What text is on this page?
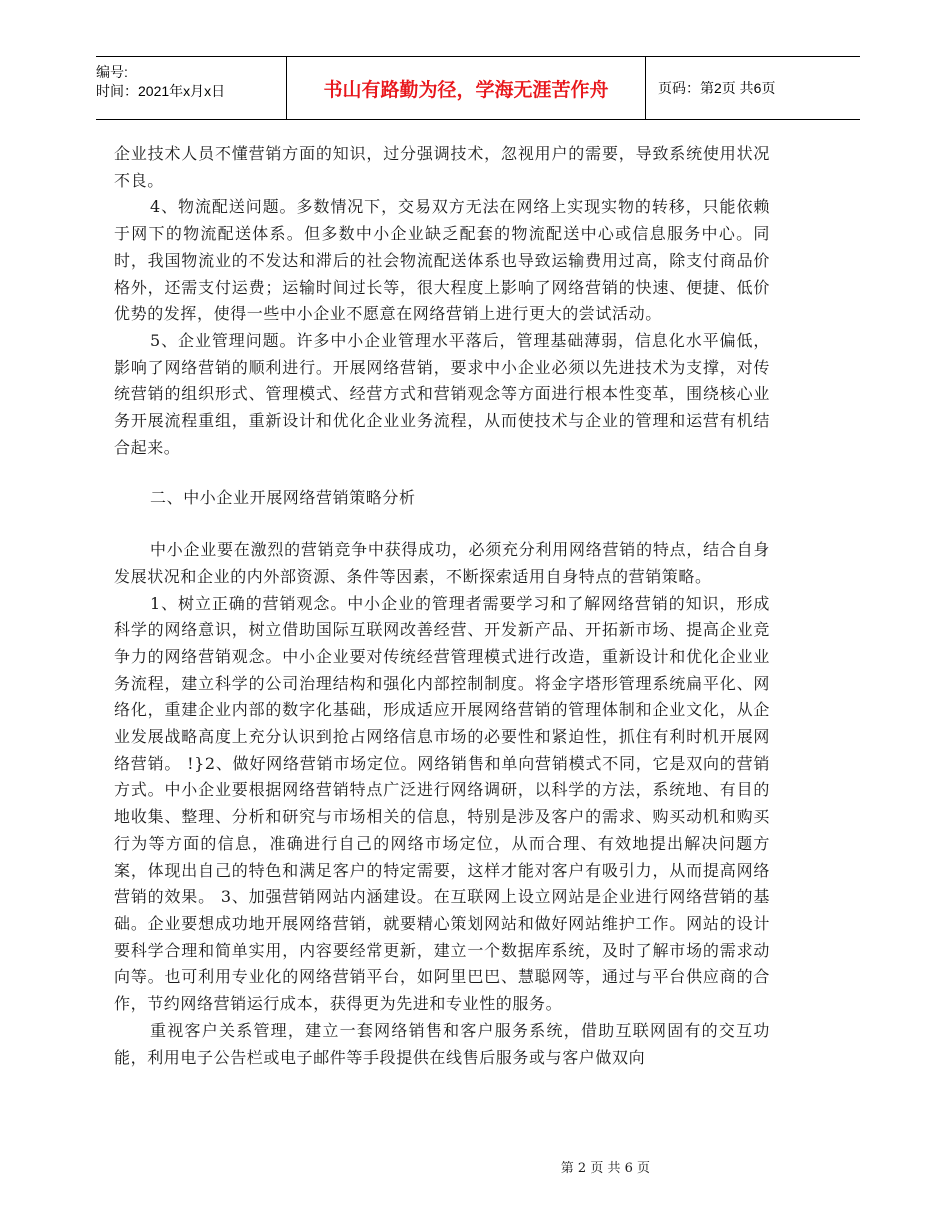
编号:
时间：2021年x月x日	书山有路勤为径，学海无涯苦作舟	页码：第2页 共6页

企业技术人员不懂营销方面的知识，过分强调技术，忽视用户的需要，导致系统使用状况不良。

4、物流配送问题。多数情况下，交易双方无法在网络上实现实物的转移，只能依赖于网下的物流配送体系。但多数中小企业缺乏配套的物流配送中心或信息服务中心。同时，我国物流业的不发达和滞后的社会物流配送体系也导致运输费用过高，除支付商品价格外，还需支付运费；运输时间过长等，很大程度上影响了网络营销的快速、便捷、低价优势的发挥，使得一些中小企业不愿意在网络营销上进行更大的尝试活动。

5、企业管理问题。许多中小企业管理水平落后，管理基础薄弱，信息化水平偏低，影响了网络营销的顺利进行。开展网络营销，要求中小企业必须以先进技术为支撑，对传统营销的组织形式、管理模式、经营方式和营销观念等方面进行根本性变革，围绕核心业务开展流程重组，重新设计和优化企业业务流程，从而使技术与企业的管理和运营有机结合起来。

二、中小企业开展网络营销策略分析

中小企业要在激烈的营销竞争中获得成功，必须充分利用网络营销的特点，结合自身发展状况和企业的内外部资源、条件等因素，不断探索适用自身特点的营销策略。

1、树立正确的营销观念。中小企业的管理者需要学习和了解网络营销的知识，形成科学的网络意识，树立借助国际互联网改善经营、开发新产品、开拓新市场、提高企业竞争力的网络营销观念。中小企业要对传统经营管理模式进行改造，重新设计和优化企业业务流程，建立科学的公司治理结构和强化内部控制制度。将金字塔形管理系统扁平化、网络化，重建企业内部的数字化基础，形成适应开展网络营销的管理体制和企业文化，从企业发展战略高度上充分认识到抢占网络信息市场的必要性和紧迫性，抓住有利时机开展网络营销。 !}2、做好网络营销市场定位。网络销售和单向营销模式不同，它是双向的营销方式。中小企业要根据网络营销特点广泛进行网络调研，以科学的方法，系统地、有目的地收集、整理、分析和研究与市场相关的信息，特别是涉及客户的需求、购买动机和购买行为等方面的信息，准确进行自己的网络市场定位，从而合理、有效地提出解决问题方案，体现出自己的特色和满足客户的特定需要，这样才能对客户有吸引力，从而提高网络营销的效果。 3、加强营销网站内涵建设。在互联网上设立网站是企业进行网络营销的基础。企业要想成功地开展网络营销，就要精心策划网站和做好网站维护工作。网站的设计要科学合理和简单实用，内容要经常更新，建立一个数据库系统，及时了解市场的需求动向等。也可利用专业化的网络营销平台，如阿里巴巴、慧聪网等，通过与平台供应商的合作，节约网络营销运行成本，获得更为先进和专业性的服务。

重视客户关系管理，建立一套网络销售和客户服务系统，借助互联网固有的交互功能，利用电子公告栏或电子邮件等手段提供在线售后服务或与客户做双向

第 2 页 共 6 页
